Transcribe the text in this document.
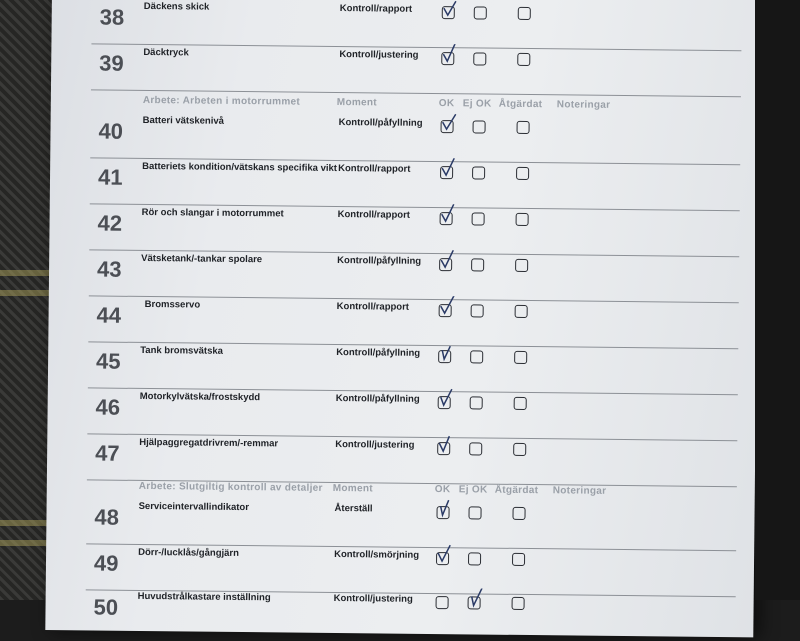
38 Däckens skick	Kontroll/rapport
39 Däcktryck	Kontroll/justering
Arbete: Arbeten i motorrummet	Moment	OK Ej OK Åtgärdat Noteringar
40 Batteri vätskenivå	Kontroll/påfyllning
41 Batteriets kondition/vätskans specifika vikt Kontroll/rapport
42 Rör och slangar i motorrummet	Kontroll/rapport
43 Vätsketank/-tankar spolare	Kontroll/påfyllning
44 Bromsservo	Kontroll/rapport
45 Tank bromsvätska	Kontroll/påfyllning
46 Motorkylvätska/frostskydd	Kontroll/påfyllning
47 Hjälpaggregatdrivrem/-remmar	Kontroll/justering
Arbete: Slutgiltig kontroll av detaljer Moment	OK Ej OK Åtgärdat Noteringar
48 Serviceintervallindikator	Återställ
49 Dörr-/lucklås/gångjärn	Kontroll/smörjning
50 Huvudstrålkastare inställning	Kontroll/justering
